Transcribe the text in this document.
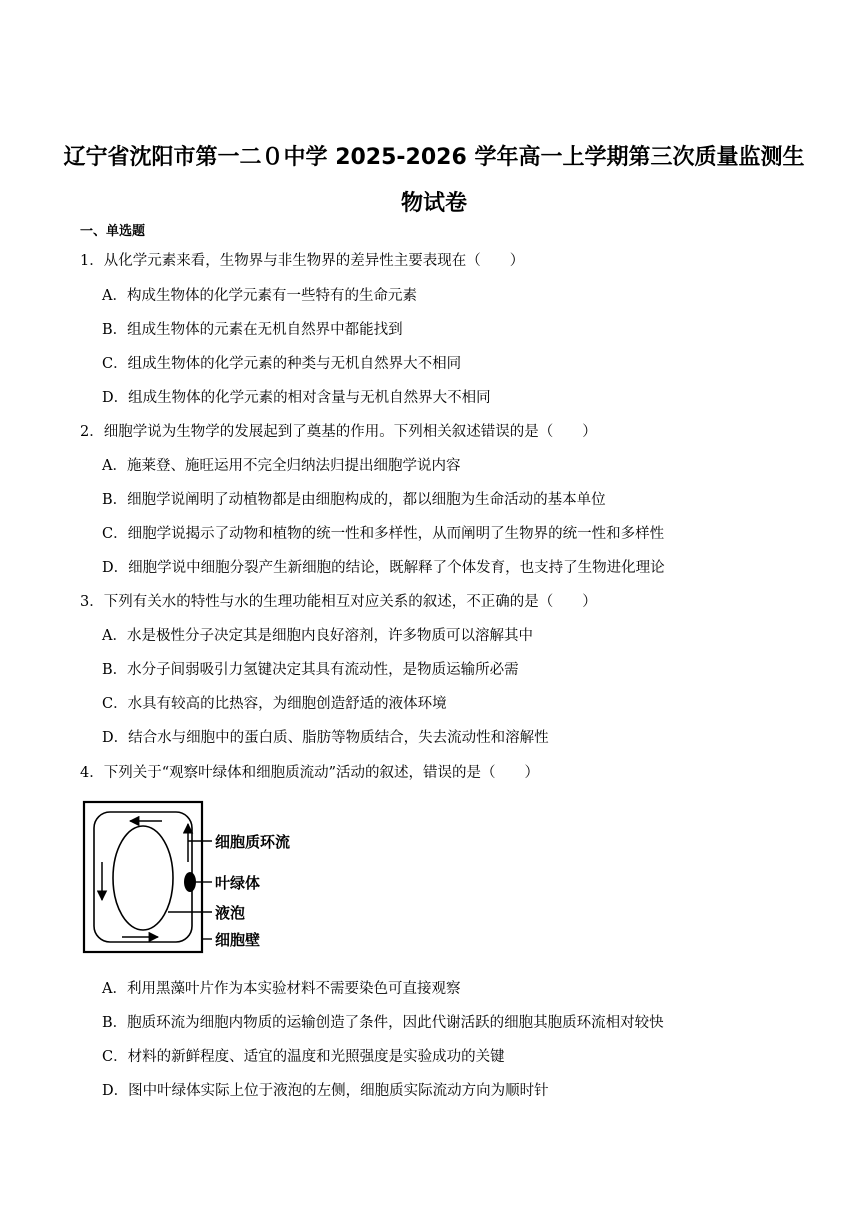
辽宁省沈阳市第一二０中学 2025-2026 学年高一上学期第三次质量监测生
物试卷
一、单选题
1．从化学元素来看，生物界与非生物界的差异性主要表现在（　　）
A．构成生物体的化学元素有一些特有的生命元素
B．组成生物体的元素在无机自然界中都能找到
C．组成生物体的化学元素的种类与无机自然界大不相同
D．组成生物体的化学元素的相对含量与无机自然界大不相同
2．细胞学说为生物学的发展起到了奠基的作用。下列相关叙述错误的是（　　）
A．施莱登、施旺运用不完全归纳法归提出细胞学说内容
B．细胞学说阐明了动植物都是由细胞构成的，都以细胞为生命活动的基本单位
C．细胞学说揭示了动物和植物的统一性和多样性，从而阐明了生物界的统一性和多样性
D．细胞学说中细胞分裂产生新细胞的结论，既解释了个体发育，也支持了生物进化理论
3．下列有关水的特性与水的生理功能相互对应关系的叙述，不正确的是（　　）
A．水是极性分子决定其是细胞内良好溶剂，许多物质可以溶解其中
B．水分子间弱吸引力氢键决定其具有流动性，是物质运输所必需
C．水具有较高的比热容，为细胞创造舒适的液体环境
D．结合水与细胞中的蛋白质、脂肪等物质结合，失去流动性和溶解性
4．下列关于“观察叶绿体和细胞质流动”活动的叙述，错误的是（　　）
细胞质环流
叶绿体
液泡
细胞壁
A．利用黑藻叶片作为本实验材料不需要染色可直接观察
B．胞质环流为细胞内物质的运输创造了条件，因此代谢活跃的细胞其胞质环流相对较快
C．材料的新鲜程度、适宜的温度和光照强度是实验成功的关键
D．图中叶绿体实际上位于液泡的左侧，细胞质实际流动方向为顺时针
